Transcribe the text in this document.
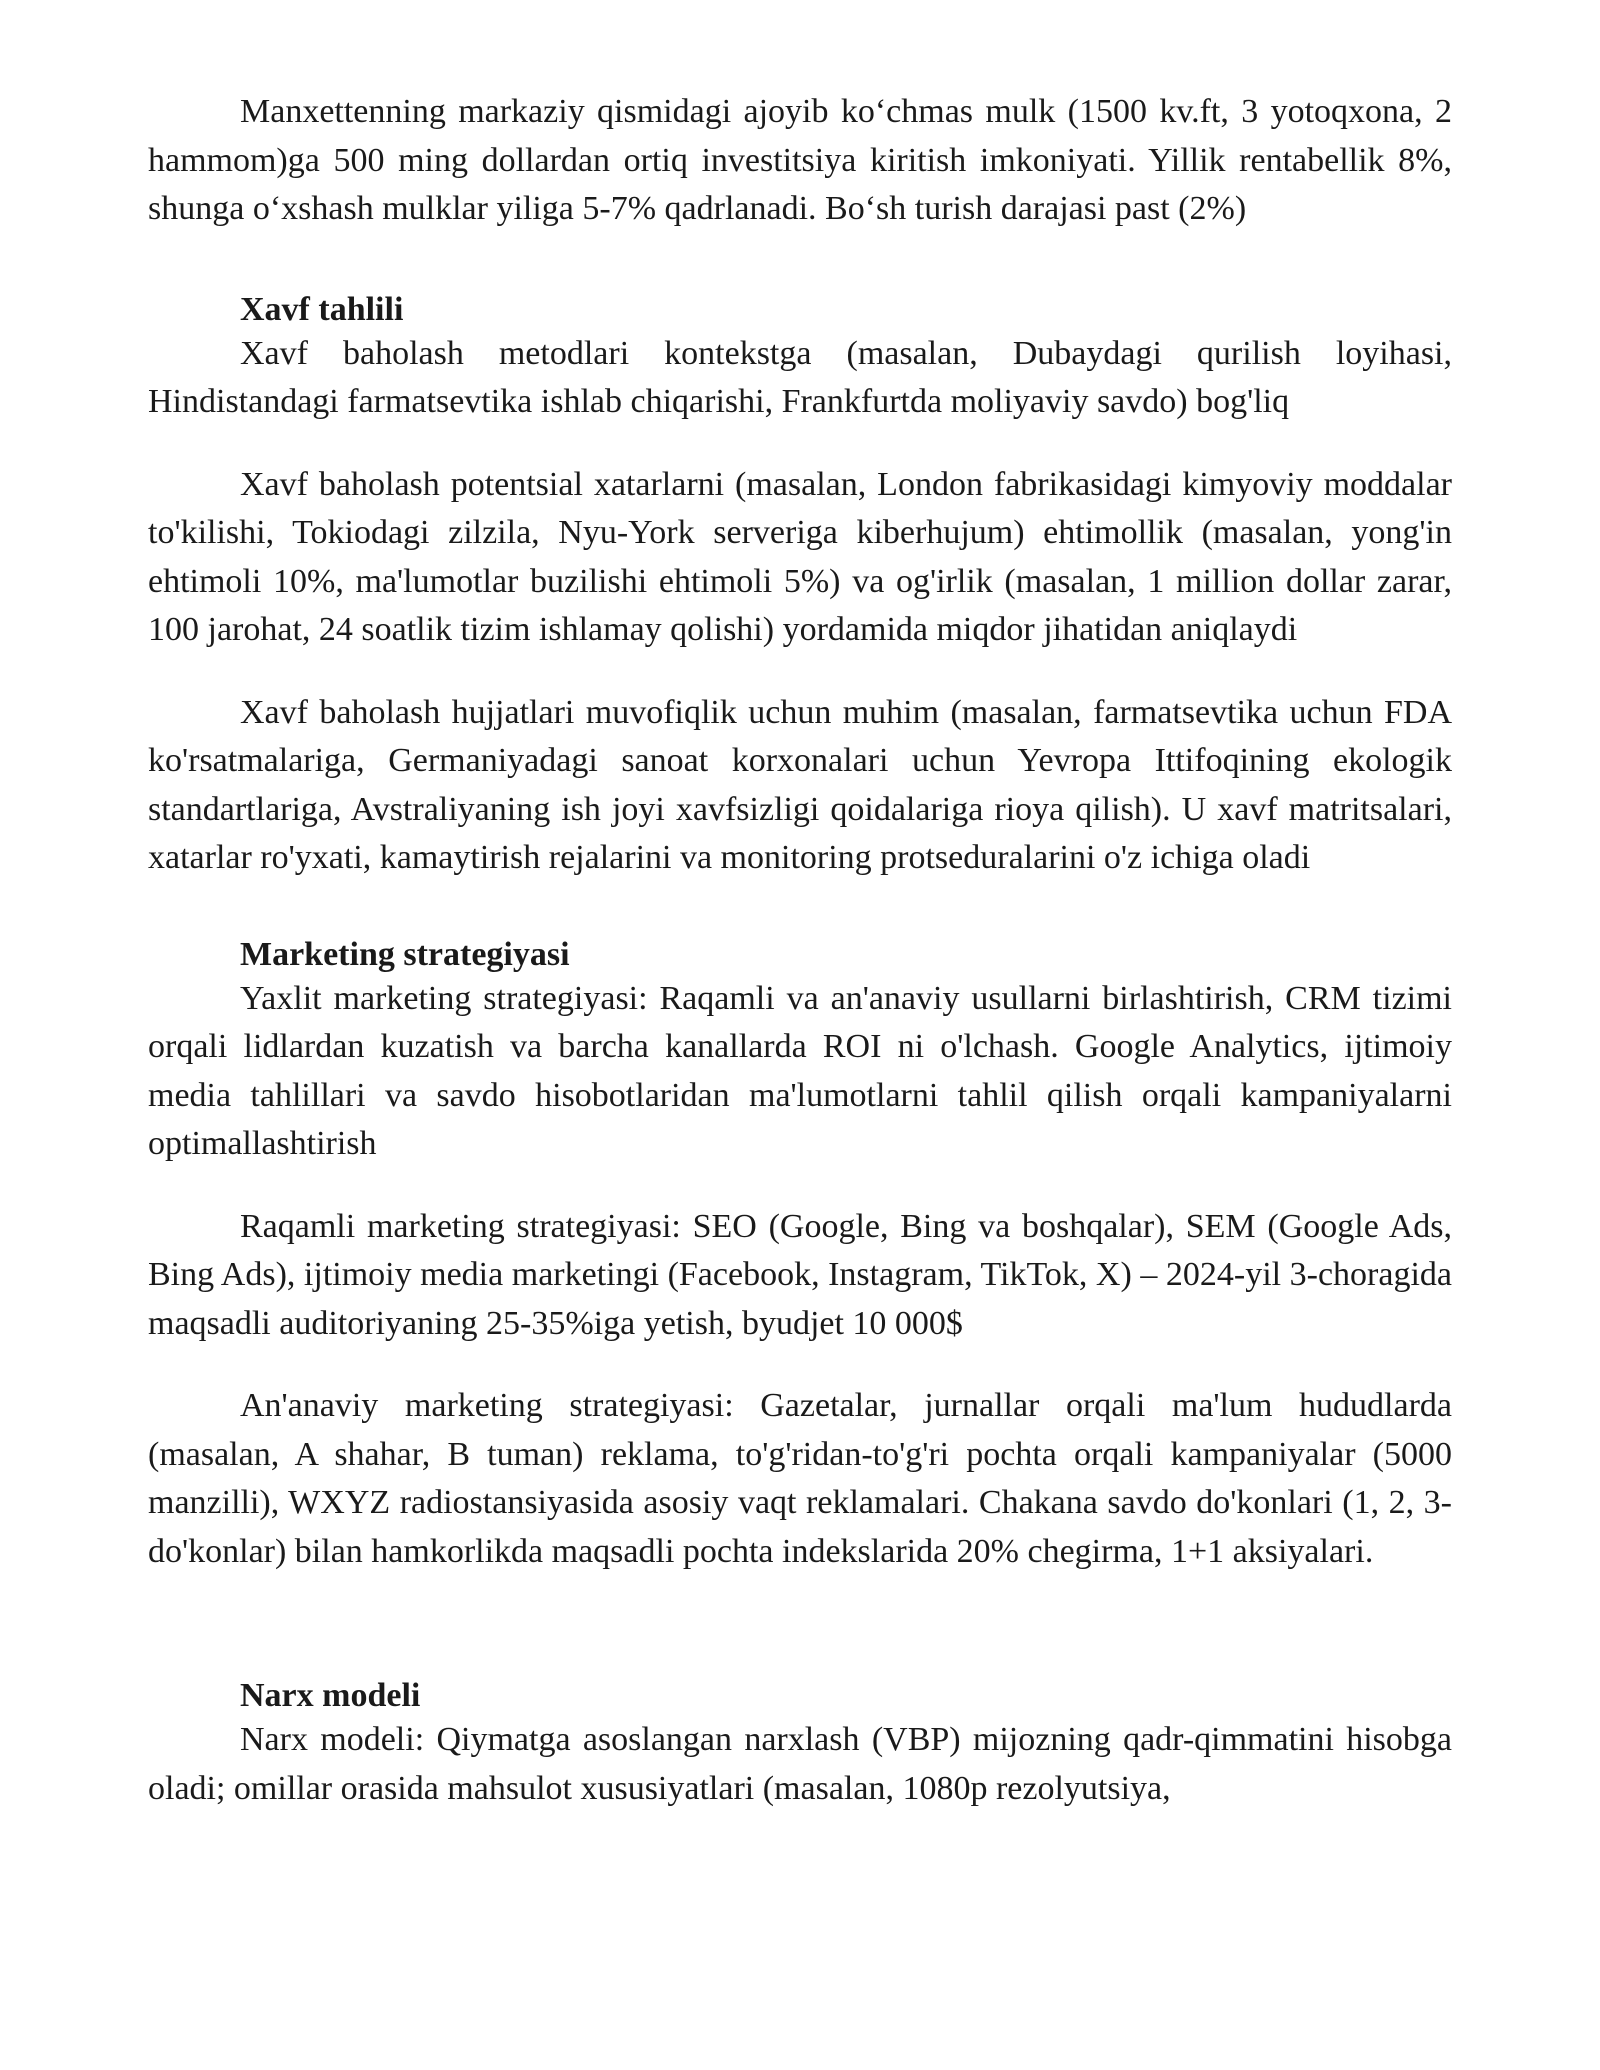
Manxettenning markaziy qismidagi ajoyib koʻchmas mulk (1500 kv.ft, 3 yotoqxona, 2 hammom)ga 500 ming dollardan ortiq investitsiya kiritish imkoniyati. Yillik rentabellik 8%, shunga oʻxshash mulklar yiliga 5-7% qadrlanadi. Boʻsh turish darajasi past (2%)

Xavf tahlili

Xavf baholash metodlari kontekstga (masalan, Dubaydagi qurilish loyihasi, Hindistandagi farmatsevtika ishlab chiqarishi, Frankfurtda moliyaviy savdo) bog'liq

Xavf baholash potentsial xatarlarni (masalan, London fabrikasidagi kimyoviy moddalar to'kilishi, Tokiodagi zilzila, Nyu-York serveriga kiberhujum) ehtimollik (masalan, yong'in ehtimoli 10%, ma'lumotlar buzilishi ehtimoli 5%) va og'irlik (masalan, 1 million dollar zarar, 100 jarohat, 24 soatlik tizim ishlamay qolishi) yordamida miqdor jihatidan aniqlaydi

Xavf baholash hujjatlari muvofiqlik uchun muhim (masalan, farmatsevtika uchun FDA ko'rsatmalariga, Germaniyadagi sanoat korxonalari uchun Yevropa Ittifoqining ekologik standartlariga, Avstraliyaning ish joyi xavfsizligi qoidalariga rioya qilish). U xavf matritsalari, xatarlar ro'yxati, kamaytirish rejalarini va monitoring protseduralarini o'z ichiga oladi

Marketing strategiyasi

Yaxlit marketing strategiyasi: Raqamli va an'anaviy usullarni birlashtirish, CRM tizimi orqali lidlardan kuzatish va barcha kanallarda ROI ni o'lchash. Google Analytics, ijtimoiy media tahlillari va savdo hisobotlaridan ma'lumotlarni tahlil qilish orqali kampaniyalarni optimallashtirish

Raqamli marketing strategiyasi: SEO (Google, Bing va boshqalar), SEM (Google Ads, Bing Ads), ijtimoiy media marketingi (Facebook, Instagram, TikTok, X) – 2024-yil 3-choragida maqsadli auditoriyaning 25-35%iga yetish, byudjet 10 000$

An'anaviy marketing strategiyasi: Gazetalar, jurnallar orqali ma'lum hududlarda (masalan, A shahar, B tuman) reklama, to'g'ridan-to'g'ri pochta orqali kampaniyalar (5000 manzilli), WXYZ radiostansiyasida asosiy vaqt reklamalari. Chakana savdo do'konlari (1, 2, 3-do'konlar) bilan hamkorlikda maqsadli pochta indekslarida 20% chegirma, 1+1 aksiyalari.

Narx modeli

Narx modeli: Qiymatga asoslangan narxlash (VBP) mijozning qadr-qimmatini hisobga oladi; omillar orasida mahsulot xususiyatlari (masalan, 1080p rezolyutsiya,
